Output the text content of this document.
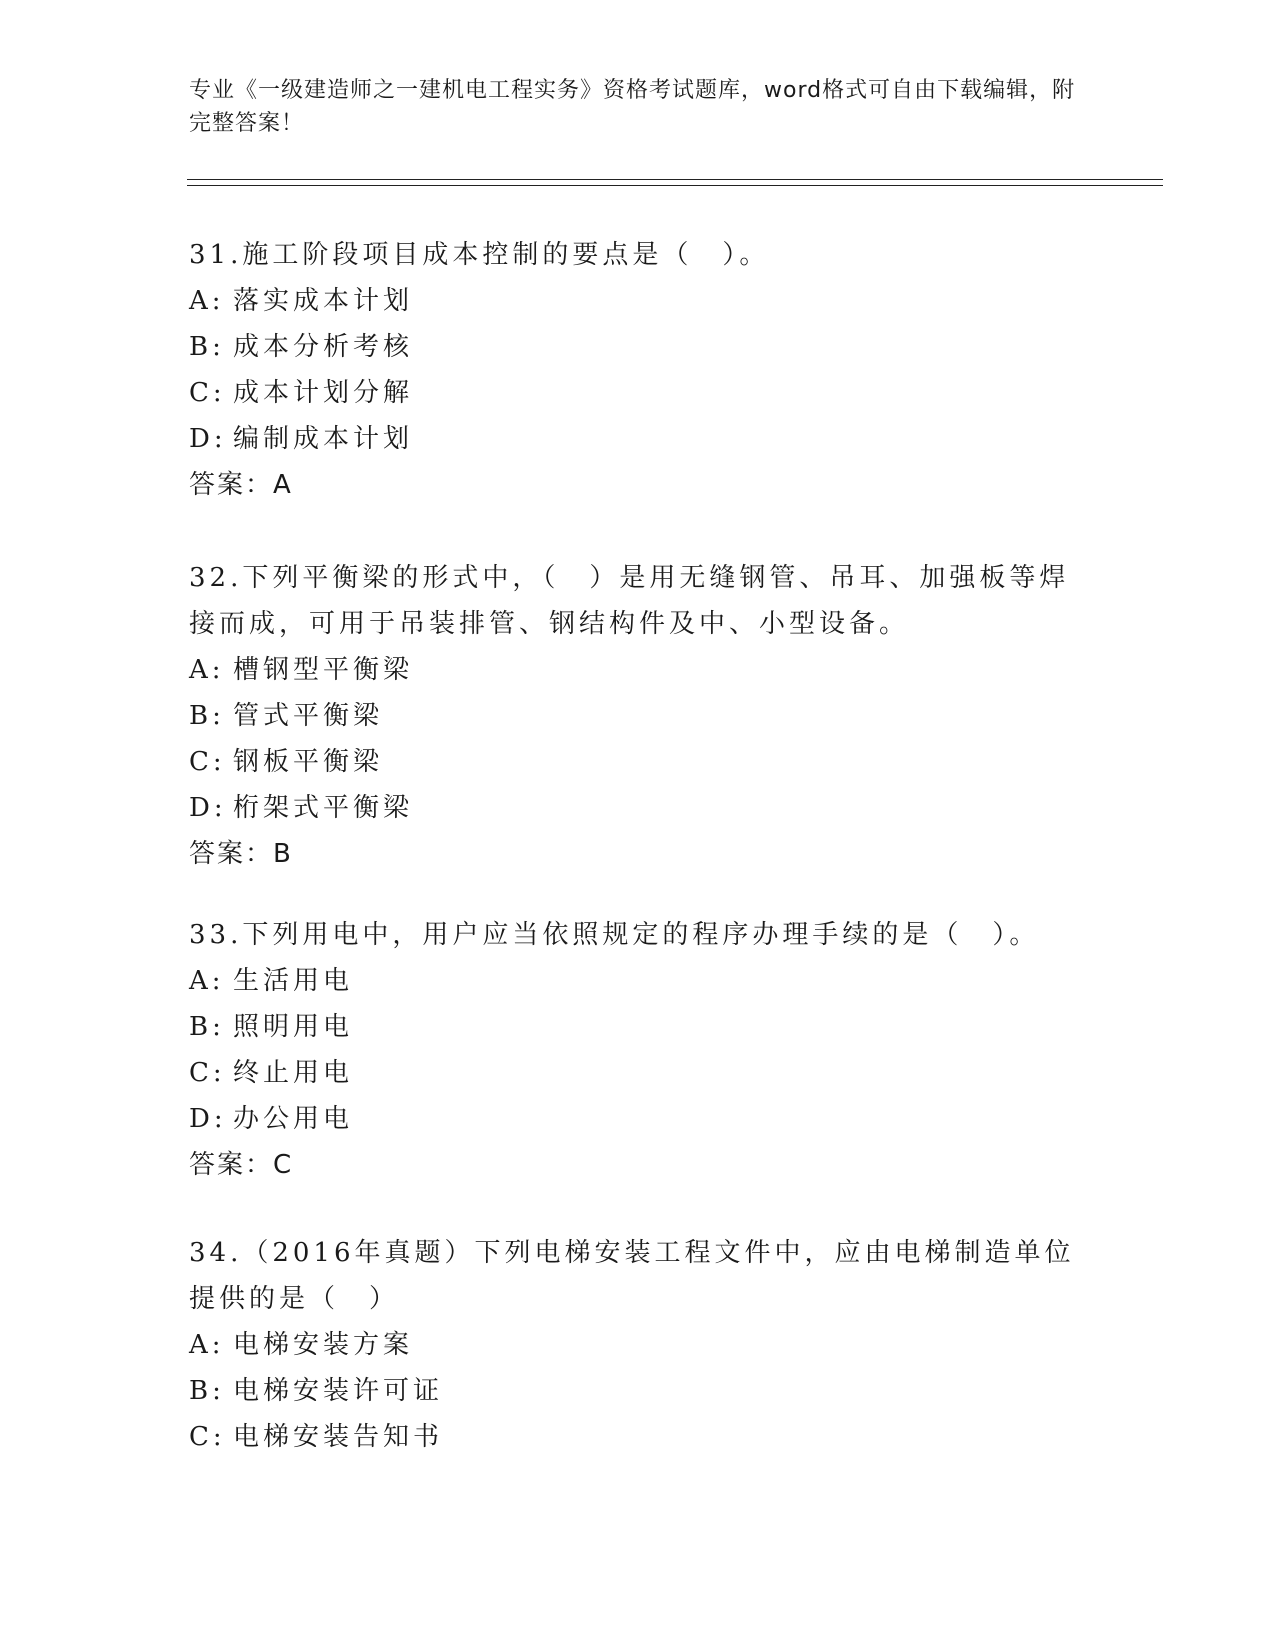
专业《一级建造师之一建机电工程实务》资格考试题库，word格式可自由下载编辑，附完整答案！
31.施工阶段项目成本控制的要点是（　）。
A: 落实成本计划
B: 成本分析考核
C: 成本计划分解
D: 编制成本计划
答案：A
32.下列平衡梁的形式中，（　）是用无缝钢管、吊耳、加强板等焊接而成，可用于吊装排管、钢结构件及中、小型设备。
A: 槽钢型平衡梁
B: 管式平衡梁
C: 钢板平衡梁
D: 桁架式平衡梁
答案：B
33.下列用电中，用户应当依照规定的程序办理手续的是（　）。
A: 生活用电
B: 照明用电
C: 终止用电
D: 办公用电
答案：C
34.（2016年真题）下列电梯安装工程文件中，应由电梯制造单位提供的是（　）
A: 电梯安装方案
B: 电梯安装许可证
C: 电梯安装告知书
